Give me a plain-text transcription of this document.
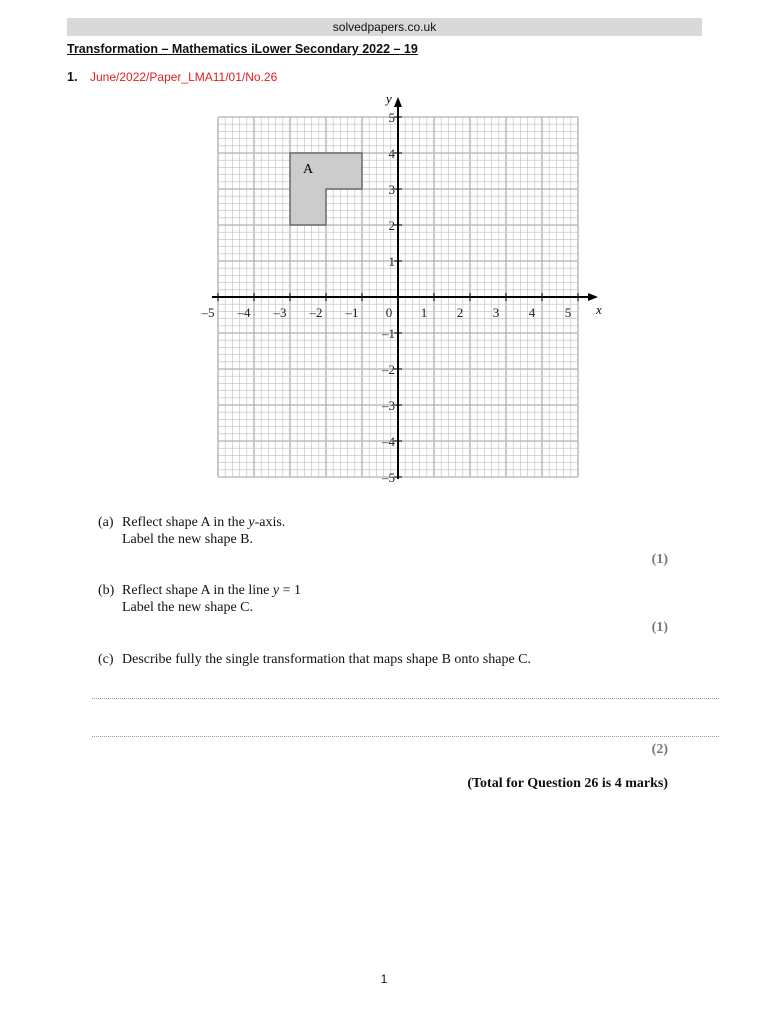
solvedpapers.co.uk
Transformation – Mathematics iLower Secondary 2022 – 19
1. June/2022/Paper_LMA11/01/No.26
–5 –4 –3 –2 –1 0 1 2 3 4 5
5
4
3
2
1
–1
–2
–3
–4
–5
x
y
A
(a) Reflect shape A in the y-axis.
Label the new shape B.
(1)
(b) Reflect shape A in the line y = 1
Label the new shape C.
(1)
(c) Describe fully the single transformation that maps shape B onto shape C.
(2)
(Total for Question 26 is 4 marks)
1
